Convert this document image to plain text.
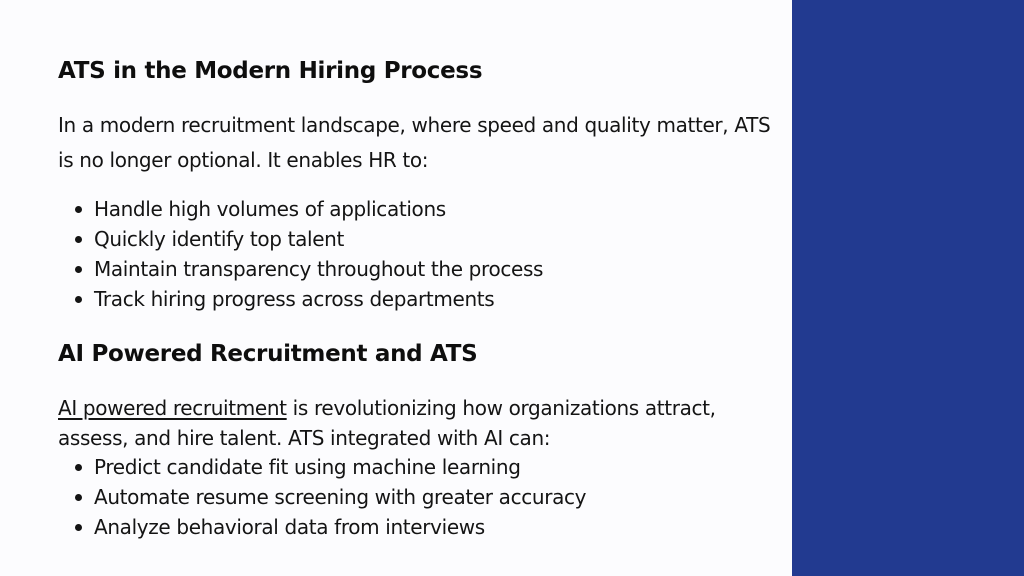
ATS in the Modern Hiring Process

In a modern recruitment landscape, where speed and quality matter, ATS is no longer optional. It enables HR to:

Handle high volumes of applications
Quickly identify top talent
Maintain transparency throughout the process
Track hiring progress across departments
AI Powered Recruitment and ATS

AI powered recruitment is revolutionizing how organizations attract, assess, and hire talent. ATS integrated with AI can:

Predict candidate fit using machine learning
Automate resume screening with greater accuracy
Analyze behavioral data from interviews
